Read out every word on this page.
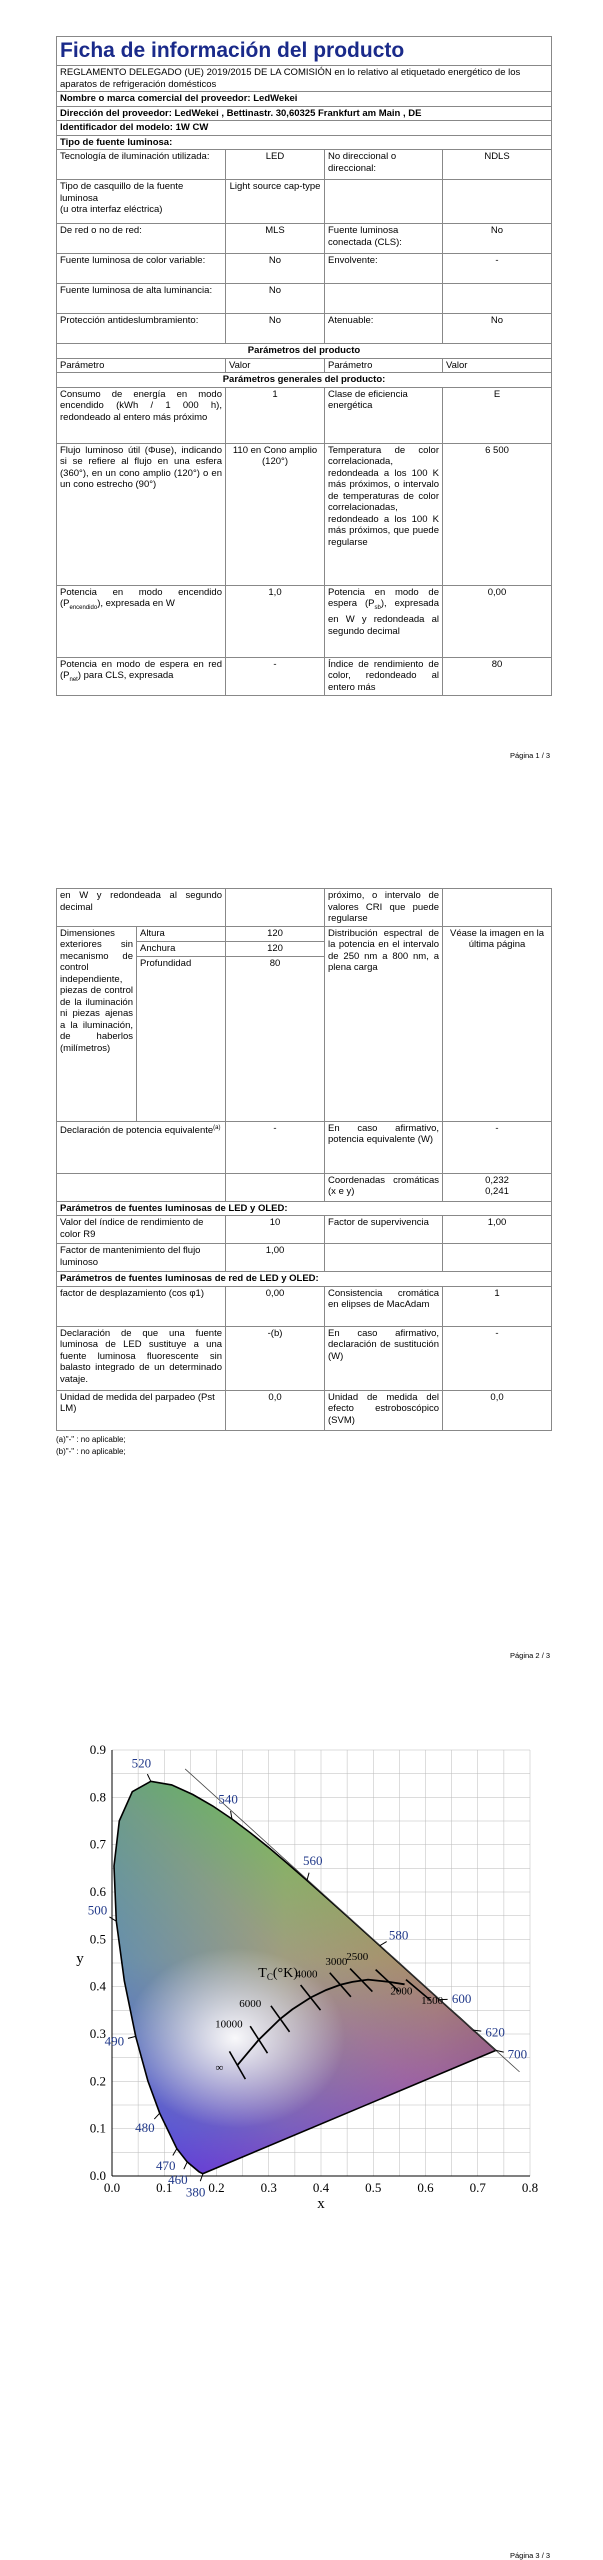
Ficha de información del producto			
REGLAMENTO DELEGADO (UE) 2019/2015 DE LA COMISIÓN en lo relativo al etiquetado energético de los aparatos de refrigeración domésticos			
Nombre o marca comercial del proveedor: LedWekei			
Dirección del proveedor: LedWekei , Bettinastr. 30,60325 Frankfurt am Main , DE			
Identificador del modelo: 1W CW			
Tipo de fuente luminosa:			
Tecnología de iluminación utilizada:	LED	No direccional o direccional:	NDLS

Tipo de casquillo de la fuente luminosa
(u otra interfaz eléctrica)	Light source cap-type		
De red o no de red:	MLS	Fuente luminosa conectada (CLS):	No
Fuente luminosa de color variable:	No	Envolvente:	-
Fuente luminosa de alta luminancia:	No		
Protección antideslumbramiento:	No	Atenuable:	No
Parámetros del producto			
Parámetro	Valor	Parámetro	Valor
Parámetros generales del producto:			
Consumo de energía en modo encendido (kWh / 1 000 h), redondeado al entero más próximo	1	Clase de eficiencia energética	E
Flujo luminoso útil (Φuse), indicando si se refiere al flujo en una esfera (360°), en un cono amplio (120°) o en un cono estrecho (90°)	110 en Cono amplio (120°)	Temperatura de color correlacionada, redondeada a los 100 K más próximos, o intervalo de temperaturas de color correlacionadas, redondeado a los 100 K más próximos, que puede regularse	6 500
Potencia en modo encendido $(P_{encendido})$, expresada en W	1,0	Potencia en modo de espera $(P_{sb})$, expresada en W y redondeada al segundo decimal	0,00
Potencia en modo de espera en red $(P_{net})$ para CLS, expresada	-	Índice de rendimiento de color, redondeado al entero más	80
Página 1 / 3
en W y redondeada al segundo decimal			próximo, o intervalo de valores CRI que puede regularse	
Dimensiones exteriores sin mecanismo de control independiente, piezas de control de la iluminación ni piezas ajenas a la iluminación, de haberlos (milímetros)	Altura	120	Distribución espectral de la potencia en el intervalo de 250 nm a 800 nm, a plena carga	Véase la imagen en la última página
	Anchura	120		
	Profundidad	80		
Declaración de potencia equivalente$^{(a)}$		-	En caso afirmativo, potencia equivalente (W)	-
			Coordenadas cromáticas (x e y)	0,232
0,241

Parámetros de fuentes luminosas de LED y OLED:				
Valor del índice de rendimiento de color R9		10	Factor de supervivencia	1,00
Factor de mantenimiento del flujo luminoso		1,00		
Parámetros de fuentes luminosas de red de LED y OLED:				
factor de desplazamiento (cos φ1)		0,00	Consistencia cromática en elipses de MacAdam	1
Declaración de que una fuente luminosa de LED sustituye a una fuente luminosa fluorescente sin balasto integrado de un determinado vataje.		-(b)	En caso afirmativo, declaración de sustitución (W)	-
Unidad de medida del parpadeo (Pst LM)		0,0	Unidad de medida del efecto estroboscópico (SVM)	0,0
(a)"-" : no aplicable;
(b)"-" : no aplicable;
Página 2 / 3
0.0	0.1	0.2	0.3	0.4	0.5	0.6	0.7	0.8
0.0
0.1
0.2
0.3
0.4
0.5
0.6
0.7
0.8
0.9
380
460
470
480
490
500
520
540
560
580
600
620
700
∞
10000
6000
4000
3000
2500
2000
1500
$T_C(^\circ K)$
x
y
Página 3 / 3
